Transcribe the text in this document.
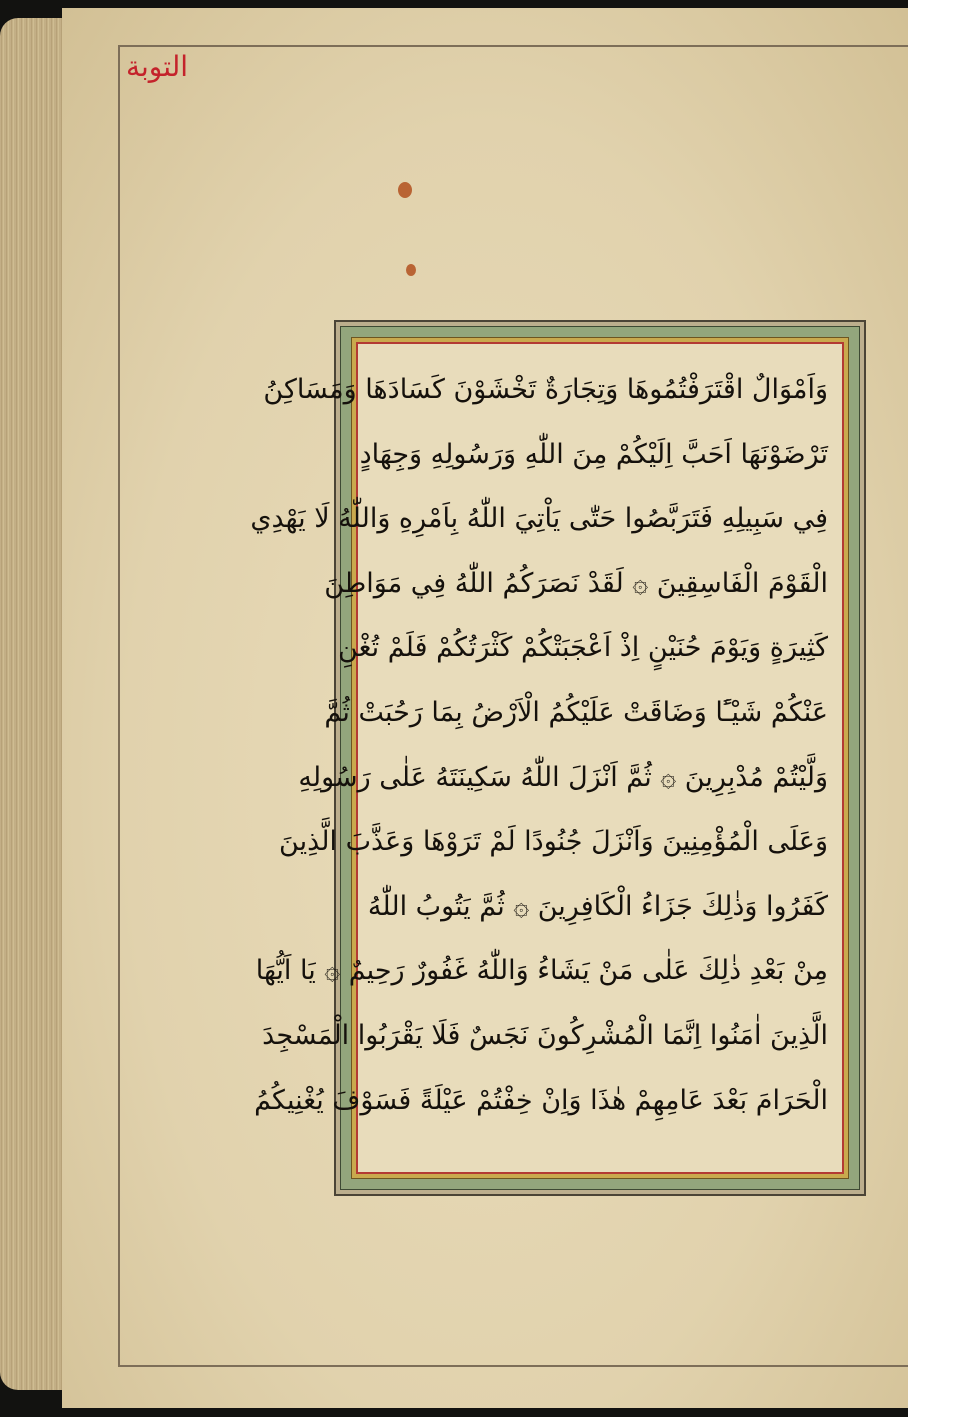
التوبة
وَاَمْوَالٌ اقْتَرَفْتُمُوهَا وَتِجَارَةٌ تَخْشَوْنَ كَسَادَهَا وَمَسَاكِنُ
تَرْضَوْنَهَا اَحَبَّ اِلَيْكُمْ مِنَ اللّٰهِ وَرَسُولِهِ وَجِهَادٍ
فِي سَبِيلِهِ فَتَرَبَّصُوا حَتّٰى يَاْتِيَ اللّٰهُ بِاَمْرِهِ وَاللّٰهُ لَا يَهْدِي
الْقَوْمَ الْفَاسِقِينَ ۞ لَقَدْ نَصَرَكُمُ اللّٰهُ فِي مَوَاطِنَ
كَثِيرَةٍ وَيَوْمَ حُنَيْنٍ اِذْ اَعْجَبَتْكُمْ كَثْرَتُكُمْ فَلَمْ تُغْنِ
عَنْكُمْ شَيْـًٔا وَضَاقَتْ عَلَيْكُمُ الْاَرْضُ بِمَا رَحُبَتْ ثُمَّ
وَلَّيْتُمْ مُدْبِرِينَ ۞ ثُمَّ اَنْزَلَ اللّٰهُ سَكِينَتَهُ عَلٰى رَسُولِهِ
وَعَلَى الْمُؤْمِنِينَ وَاَنْزَلَ جُنُودًا لَمْ تَرَوْهَا وَعَذَّبَ الَّذِينَ
كَفَرُوا وَذٰلِكَ جَزَاءُ الْكَافِرِينَ ۞ ثُمَّ يَتُوبُ اللّٰهُ
مِنْ بَعْدِ ذٰلِكَ عَلٰى مَنْ يَشَاءُ وَاللّٰهُ غَفُورٌ رَحِيمٌ ۞ يَا اَيُّهَا
الَّذِينَ اٰمَنُوا اِنَّمَا الْمُشْرِكُونَ نَجَسٌ فَلَا يَقْرَبُوا الْمَسْجِدَ
الْحَرَامَ بَعْدَ عَامِهِمْ هٰذَا وَاِنْ خِفْتُمْ عَيْلَةً فَسَوْفَ يُغْنِيكُمُ
